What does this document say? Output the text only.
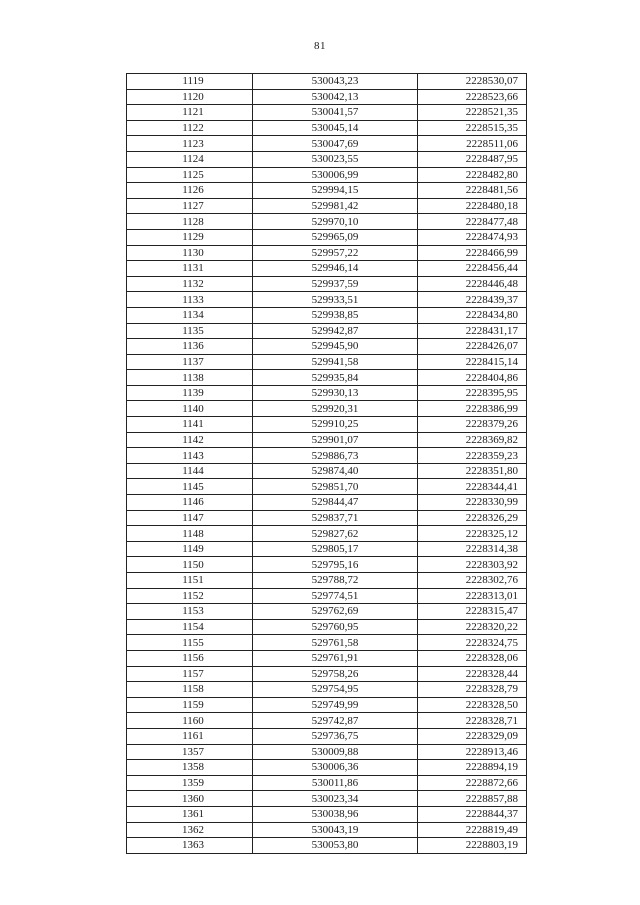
81
1119	530043,23	2228530,07
1120	530042,13	2228523,66
1121	530041,57	2228521,35
1122	530045,14	2228515,35
1123	530047,69	2228511,06
1124	530023,55	2228487,95
1125	530006,99	2228482,80
1126	529994,15	2228481,56
1127	529981,42	2228480,18
1128	529970,10	2228477,48
1129	529965,09	2228474,93
1130	529957,22	2228466,99
1131	529946,14	2228456,44
1132	529937,59	2228446,48
1133	529933,51	2228439,37
1134	529938,85	2228434,80
1135	529942,87	2228431,17
1136	529945,90	2228426,07
1137	529941,58	2228415,14
1138	529935,84	2228404,86
1139	529930,13	2228395,95
1140	529920,31	2228386,99
1141	529910,25	2228379,26
1142	529901,07	2228369,82
1143	529886,73	2228359,23
1144	529874,40	2228351,80
1145	529851,70	2228344,41
1146	529844,47	2228330,99
1147	529837,71	2228326,29
1148	529827,62	2228325,12
1149	529805,17	2228314,38
1150	529795,16	2228303,92
1151	529788,72	2228302,76
1152	529774,51	2228313,01
1153	529762,69	2228315,47
1154	529760,95	2228320,22
1155	529761,58	2228324,75
1156	529761,91	2228328,06
1157	529758,26	2228328,44
1158	529754,95	2228328,79
1159	529749,99	2228328,50
1160	529742,87	2228328,71
1161	529736,75	2228329,09
1357	530009,88	2228913,46
1358	530006,36	2228894,19
1359	530011,86	2228872,66
1360	530023,34	2228857,88
1361	530038,96	2228844,37
1362	530043,19	2228819,49
1363	530053,80	2228803,19
